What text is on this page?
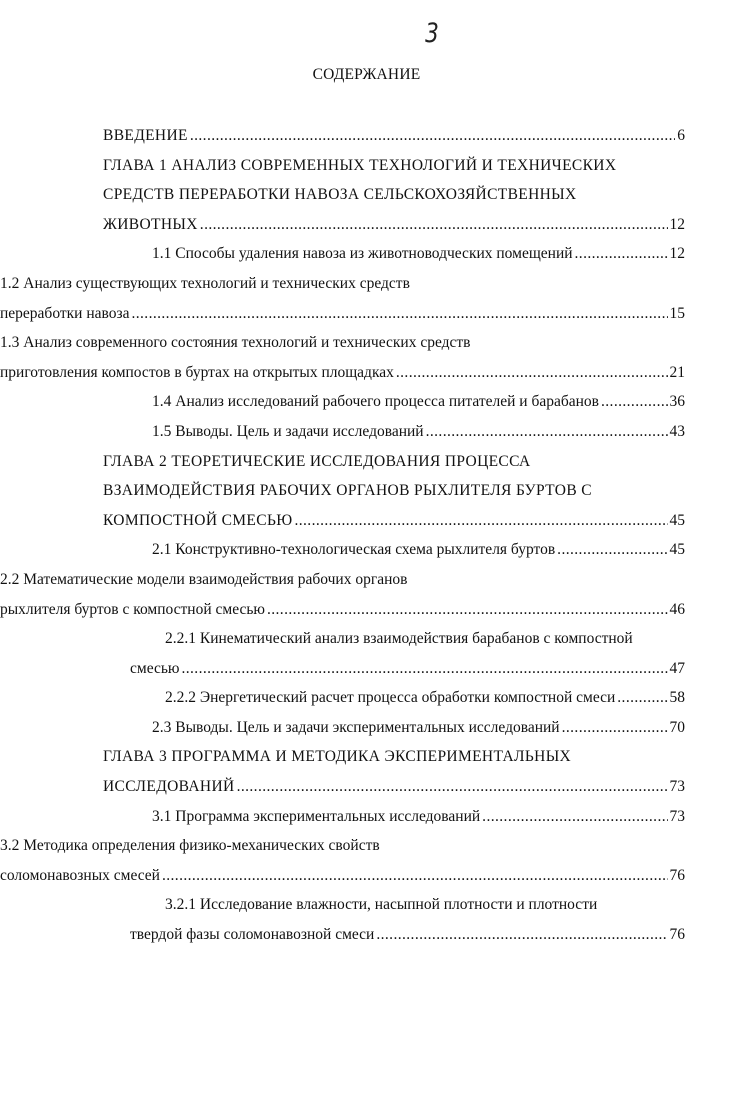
3
СОДЕРЖАНИЕ
ВВЕДЕНИЕ .....	6
ГЛАВА 1 АНАЛИЗ СОВРЕМЕННЫХ ТЕХНОЛОГИЙ И ТЕХНИЧЕСКИХ
СРЕДСТВ ПЕРЕРАБОТКИ НАВОЗА СЕЛЬСКОХОЗЯЙСТВЕННЫХ
ЖИВОТНЫХ .....	12
1.1 Способы удаления навоза из животноводческих помещений .....	12
1.2 Анализ существующих технологий и технических средств
переработки навоза .....	15
1.3 Анализ современного состояния технологий и технических средств
приготовления компостов в буртах на открытых площадках .....	21
1.4 Анализ исследований рабочего процесса питателей и барабанов .....	36
1.5 Выводы. Цель и задачи исследований .....	43
ГЛАВА 2 ТЕОРЕТИЧЕСКИЕ ИССЛЕДОВАНИЯ ПРОЦЕССА
ВЗАИМОДЕЙСТВИЯ РАБОЧИХ ОРГАНОВ РЫХЛИТЕЛЯ БУРТОВ С
КОМПОСТНОЙ СМЕСЬЮ .....	45
2.1 Конструктивно-технологическая схема рыхлителя буртов .....	45
2.2 Математические модели взаимодействия рабочих органов
рыхлителя буртов с компостной смесью .....	46
2.2.1 Кинематический анализ взаимодействия барабанов с компостной
смесью .....	47
2.2.2 Энергетический расчет процесса обработки компостной смеси .....	58
2.3 Выводы. Цель и задачи экспериментальных исследований .....	70
ГЛАВА 3 ПРОГРАММА И МЕТОДИКА ЭКСПЕРИМЕНТАЛЬНЫХ
ИССЛЕДОВАНИЙ .....	73
3.1 Программа экспериментальных исследований .....	73
3.2 Методика определения физико-механических свойств
соломонавозных смесей .....	76
3.2.1 Исследование влажности, насыпной плотности и плотности
твердой фазы соломонавозной смеси .....	76
